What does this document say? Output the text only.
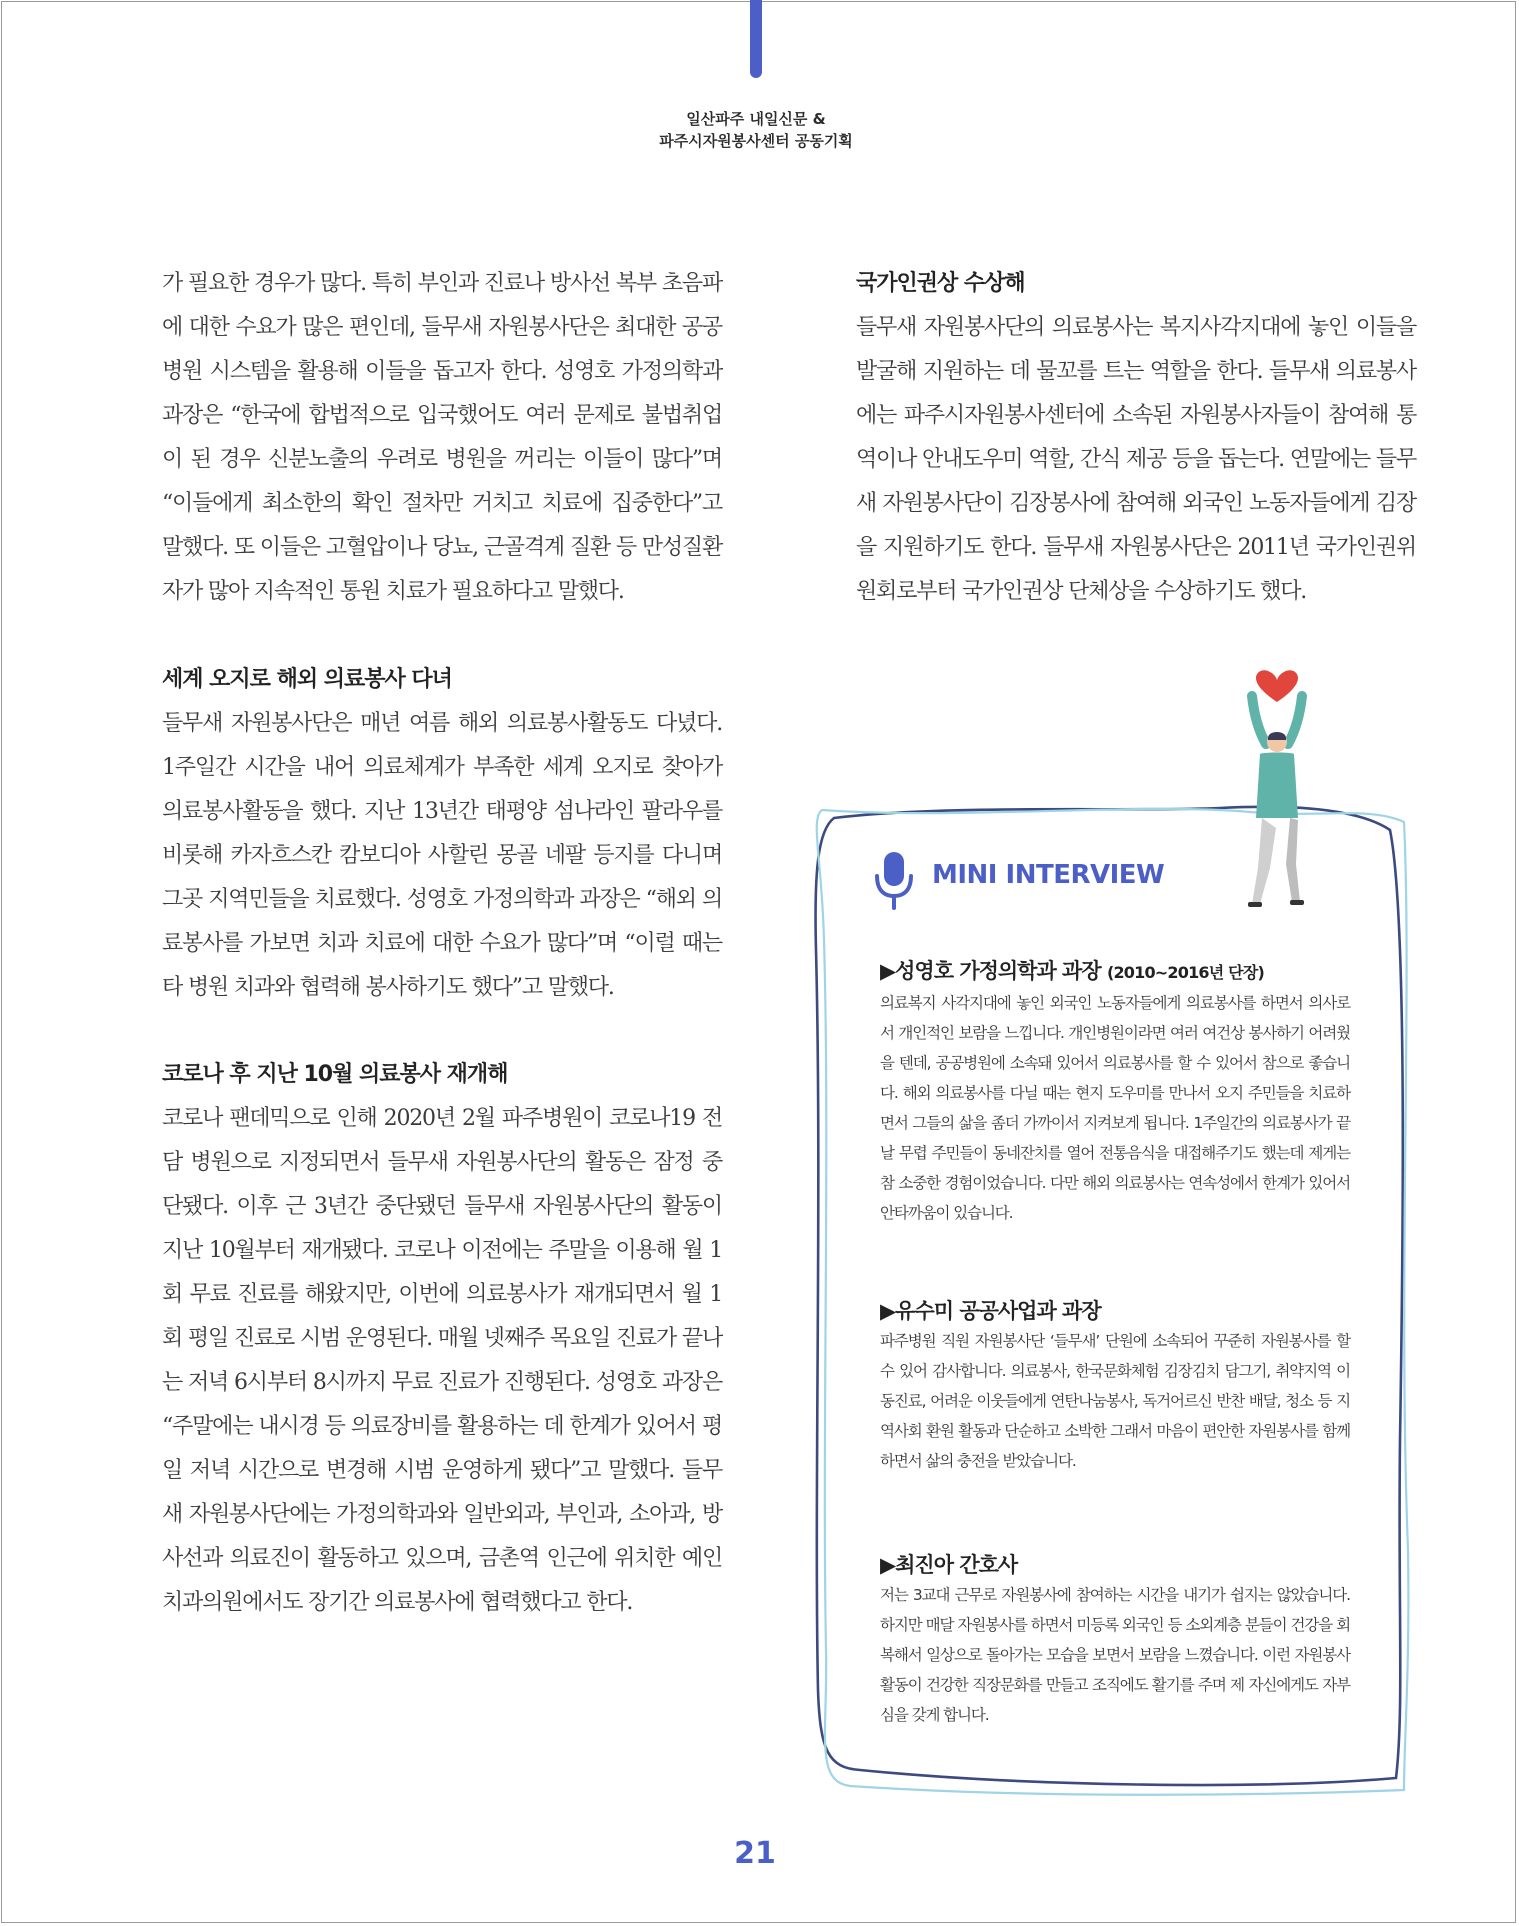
일산파주 내일신문 &
파주시자원봉사센터 공동기획

가 필요한 경우가 많다. 특히 부인과 진료나 방사선 복부 초음파에 대한 수요가 많은 편인데, 들무새 자원봉사단은 최대한 공공병원 시스템을 활용해 이들을 돕고자 한다. 성영호 가정의학과 과장은 “한국에 합법적으로 입국했어도 여러 문제로 불법취업이 된 경우 신분노출의 우려로 병원을 꺼리는 이들이 많다”며 “이들에게 최소한의 확인 절차만 거치고 치료에 집중한다”고 말했다. 또 이들은 고혈압이나 당뇨, 근골격계 질환 등 만성질환자가 많아 지속적인 통원 치료가 필요하다고 말했다.

세계 오지로 해외 의료봉사 다녀

들무새 자원봉사단은 매년 여름 해외 의료봉사활동도 다녔다. 1주일간 시간을 내어 의료체계가 부족한 세계 오지로 찾아가 의료봉사활동을 했다. 지난 13년간 태평양 섬나라인 팔라우를 비롯해 카자흐스칸 캄보디아 사할린 몽골 네팔 등지를 다니며 그곳 지역민들을 치료했다. 성영호 가정의학과 과장은 “해외 의료봉사를 가보면 치과 치료에 대한 수요가 많다”며 “이럴 때는 타 병원 치과와 협력해 봉사하기도 했다”고 말했다.

코로나 후 지난 10월 의료봉사 재개해

코로나 팬데믹으로 인해 2020년 2월 파주병원이 코로나19 전담 병원으로 지정되면서 들무새 자원봉사단의 활동은 잠정 중단됐다. 이후 근 3년간 중단됐던 들무새 자원봉사단의 활동이 지난 10월부터 재개됐다. 코로나 이전에는 주말을 이용해 월 1회 무료 진료를 해왔지만, 이번에 의료봉사가 재개되면서 월 1회 평일 진료로 시범 운영된다. 매월 넷째주 목요일 진료가 끝나는 저녁 6시부터 8시까지 무료 진료가 진행된다. 성영호 과장은 “주말에는 내시경 등 의료장비를 활용하는 데 한계가 있어서 평일 저녁 시간으로 변경해 시범 운영하게 됐다”고 말했다. 들무새 자원봉사단에는 가정의학과와 일반외과, 부인과, 소아과, 방사선과 의료진이 활동하고 있으며, 금촌역 인근에 위치한 예인치과의원에서도 장기간 의료봉사에 협력했다고 한다.

국가인권상 수상해

들무새 자원봉사단의 의료봉사는 복지사각지대에 놓인 이들을 발굴해 지원하는 데 물꼬를 트는 역할을 한다. 들무새 의료봉사에는 파주시자원봉사센터에 소속된 자원봉사자들이 참여해 통역이나 안내도우미 역할, 간식 제공 등을 돕는다. 연말에는 들무새 자원봉사단이 김장봉사에 참여해 외국인 노동자들에게 김장을 지원하기도 한다. 들무새 자원봉사단은 2011년 국가인권위원회로부터 국가인권상 단체상을 수상하기도 했다.

MINI INTERVIEW

▶성영호 가정의학과 과장 (2010~2016년 단장)

의료복지 사각지대에 놓인 외국인 노동자들에게 의료봉사를 하면서 의사로서 개인적인 보람을 느낍니다. 개인병원이라면 여러 여건상 봉사하기 어려웠을 텐데, 공공병원에 소속돼 있어서 의료봉사를 할 수 있어서 참으로 좋습니다. 해외 의료봉사를 다닐 때는 현지 도우미를 만나서 오지 주민들을 치료하면서 그들의 삶을 좀더 가까이서 지켜보게 됩니다. 1주일간의 의료봉사가 끝날 무렵 주민들이 동네잔치를 열어 전통음식을 대접해주기도 했는데 제게는 참 소중한 경험이었습니다. 다만 해외 의료봉사는 연속성에서 한계가 있어서 안타까움이 있습니다.

▶유수미 공공사업과 과장

파주병원 직원 자원봉사단 ‘들무새’ 단원에 소속되어 꾸준히 자원봉사를 할 수 있어 감사합니다. 의료봉사, 한국문화체험 김장김치 담그기, 취약지역 이동진료, 어려운 이웃들에게 연탄나눔봉사, 독거어르신 반찬 배달, 청소 등 지역사회 환원 활동과 단순하고 소박한 그래서 마음이 편안한 자원봉사를 함께 하면서 삶의 충전을 받았습니다.

▶최진아 간호사

저는 3교대 근무로 자원봉사에 참여하는 시간을 내기가 쉽지는 않았습니다. 하지만 매달 자원봉사를 하면서 미등록 외국인 등 소외계층 분들이 건강을 회복해서 일상으로 돌아가는 모습을 보면서 보람을 느꼈습니다. 이런 자원봉사활동이 건강한 직장문화를 만들고 조직에도 활기를 주며 제 자신에게도 자부심을 갖게 합니다.

21
